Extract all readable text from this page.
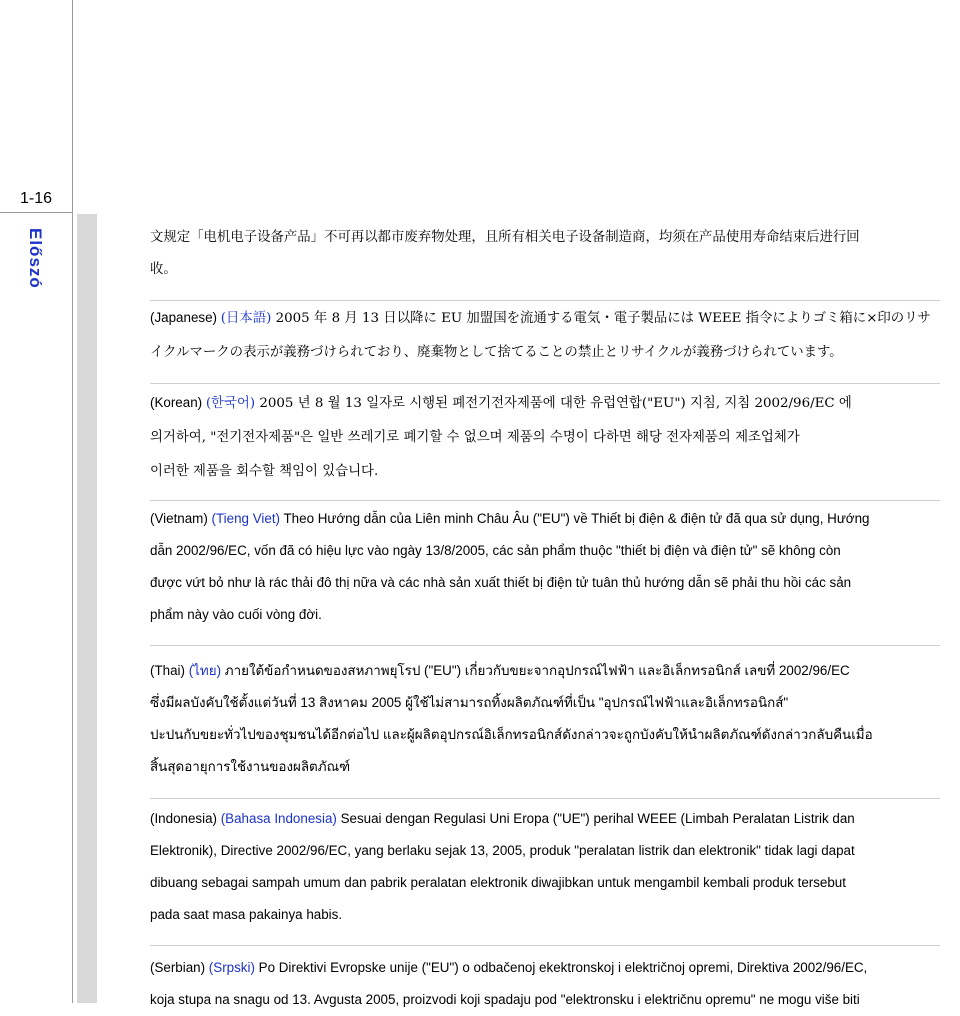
1-16
Előszó	文规定「电机电子设备产品」不可再以都市废弃物处理，且所有相关电子设备制造商，均须在产品使用寿命结束后进行回
收。
(Japanese) (日本語) 2005 年 8 月 13 日以降に EU 加盟国を流通する電気・電子製品には WEEE 指令によりゴミ箱に×印のリサ
イクルマークの表示が義務づけられており、廃棄物として捨てることの禁止とリサイクルが義務づけられています。
(Korean) (한국어) 2005 년 8 월 13 일자로 시행된 폐전기전자제품에 대한 유럽연합("EU") 지침, 지침 2002/96/EC 에
의거하여, "전기전자제품"은 일반 쓰레기로 폐기할 수 없으며 제품의 수명이 다하면 해당 전자제품의 제조업체가
이러한 제품을 회수할 책임이 있습니다.
(Vietnam) (Tieng Viet) Theo Hướng dẫn của Liên minh Châu Âu ("EU") về Thiết bị điện & điện tử đã qua sử dụng, Hướng
dẫn 2002/96/EC, vốn đã có hiệu lực vào ngày 13/8/2005, các sản phẩm thuộc "thiết bị điện và điện tử" sẽ không còn
được vứt bỏ như là rác thải đô thị nữa và các nhà sản xuất thiết bị điện tử tuân thủ hướng dẫn sẽ phải thu hồi các sản
phẩm này vào cuối vòng đời.
(Thai) (ไทย) ภายใต้ข้อกำหนดของสหภาพยุโรป ("EU") เกี่ยวกับขยะจากอุปกรณ์ไฟฟ้า และอิเล็กทรอนิกส์ เลขที่ 2002/96/EC
ซึ่งมีผลบังคับใช้ตั้งแต่วันที่ 13 สิงหาคม 2005 ผู้ใช้ไม่สามารถทิ้งผลิตภัณฑ์ที่เป็น "อุปกรณ์ไฟฟ้าและอิเล็กทรอนิกส์"
ปะปนกับขยะทั่วไปของชุมชนได้อีกต่อไป และผู้ผลิตอุปกรณ์อิเล็กทรอนิกส์ดังกล่าวจะถูกบังคับให้นำผลิตภัณฑ์ดังกล่าวกลับคืนเมื่อ
สิ้นสุดอายุการใช้งานของผลิตภัณฑ์
(Indonesia) (Bahasa Indonesia) Sesuai dengan Regulasi Uni Eropa ("UE") perihal WEEE (Limbah Peralatan Listrik dan
Elektronik), Directive 2002/96/EC, yang berlaku sejak 13, 2005, produk "peralatan listrik dan elektronik" tidak lagi dapat
dibuang sebagai sampah umum dan pabrik peralatan elektronik diwajibkan untuk mengambil kembali produk tersebut
pada saat masa pakainya habis.
(Serbian) (Srpski) Po Direktivi Evropske unije ("EU") o odbačenoj ekektronskoj i električnoj opremi, Direktiva 2002/96/EC,
koja stupa na snagu od 13. Avgusta 2005, proizvodi koji spadaju pod "elektronsku i električnu opremu" ne mogu više biti
